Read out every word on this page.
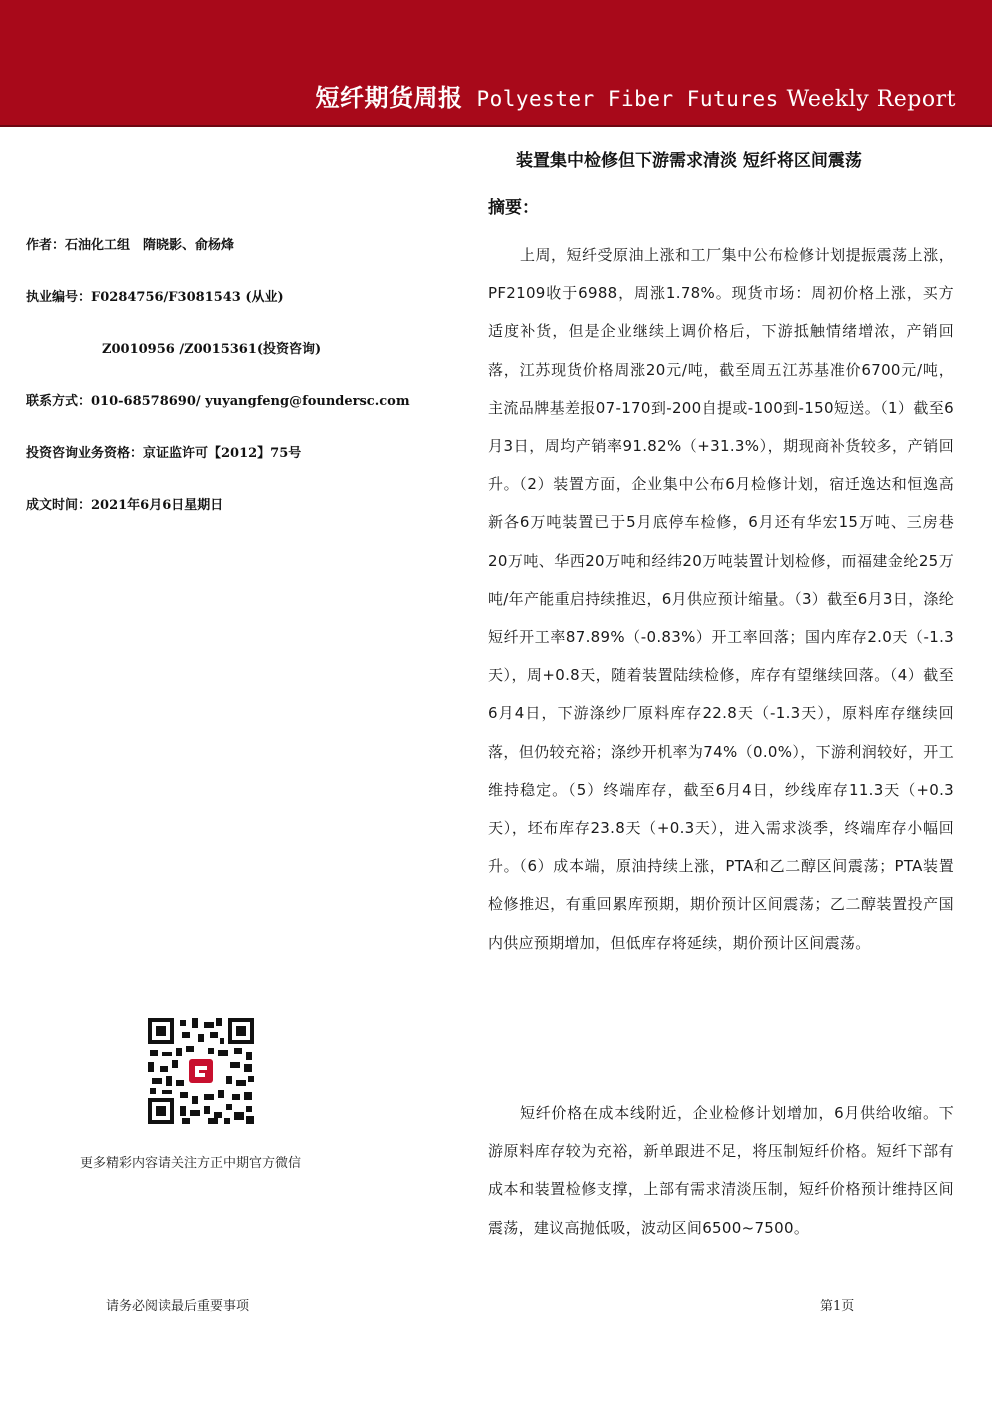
短纤期货周报 Polyester Fiber Futures Weekly Report
作者：石油化工组　隋晓影、俞杨烽
执业编号：F0284756/F3081543 (从业)
Z0010956 /Z0015361(投资咨询)
联系方式：010-68578690/ yuyangfeng@foundersc.com
投资咨询业务资格：京证监许可【2012】75号
成文时间：2021年6月6日星期日
更多精彩内容请关注方正中期官方微信
装置集中检修但下游需求清淡 短纤将区间震荡
摘要：
上周，短纤受原油上涨和工厂集中公布检修计划提振震荡上涨，PF2109收于6988，周涨1.78%。现货市场：周初价格上涨，买方适度补货，但是企业继续上调价格后，下游抵触情绪增浓，产销回落，江苏现货价格周涨20元/吨，截至周五江苏基准价6700元/吨，主流品牌基差报07-170到-200自提或-100到-150短送。（1）截至6月3日，周均产销率91.82%（+31.3%），期现商补货较多，产销回升。（2）装置方面，企业集中公布6月检修计划，宿迁逸达和恒逸高新各6万吨装置已于5月底停车检修，6月还有华宏15万吨、三房巷20万吨、华西20万吨和经纬20万吨装置计划检修，而福建金纶25万吨/年产能重启持续推迟，6月供应预计缩量。（3）截至6月3日，涤纶短纤开工率87.89%（-0.83%）开工率回落；国内库存2.0天（-1.3天），周+0.8天，随着装置陆续检修，库存有望继续回落。（4）截至6月4日，下游涤纱厂原料库存22.8天（-1.3天），原料库存继续回落，但仍较充裕；涤纱开机率为74%（0.0%），下游利润较好，开工维持稳定。（5）终端库存，截至6月4日，纱线库存11.3天（+0.3天），坯布库存23.8天（+0.3天），进入需求淡季，终端库存小幅回升。（6）成本端，原油持续上涨，PTA和乙二醇区间震荡；PTA装置检修推迟，有重回累库预期，期价预计区间震荡；乙二醇装置投产国内供应预期增加，但低库存将延续，期价预计区间震荡。
短纤价格在成本线附近，企业检修计划增加，6月供给收缩。下游原料库存较为充裕，新单跟进不足，将压制短纤价格。短纤下部有成本和装置检修支撑，上部有需求清淡压制，短纤价格预计维持区间震荡，建议高抛低吸，波动区间6500~7500。
请务必阅读最后重要事项	第1页
